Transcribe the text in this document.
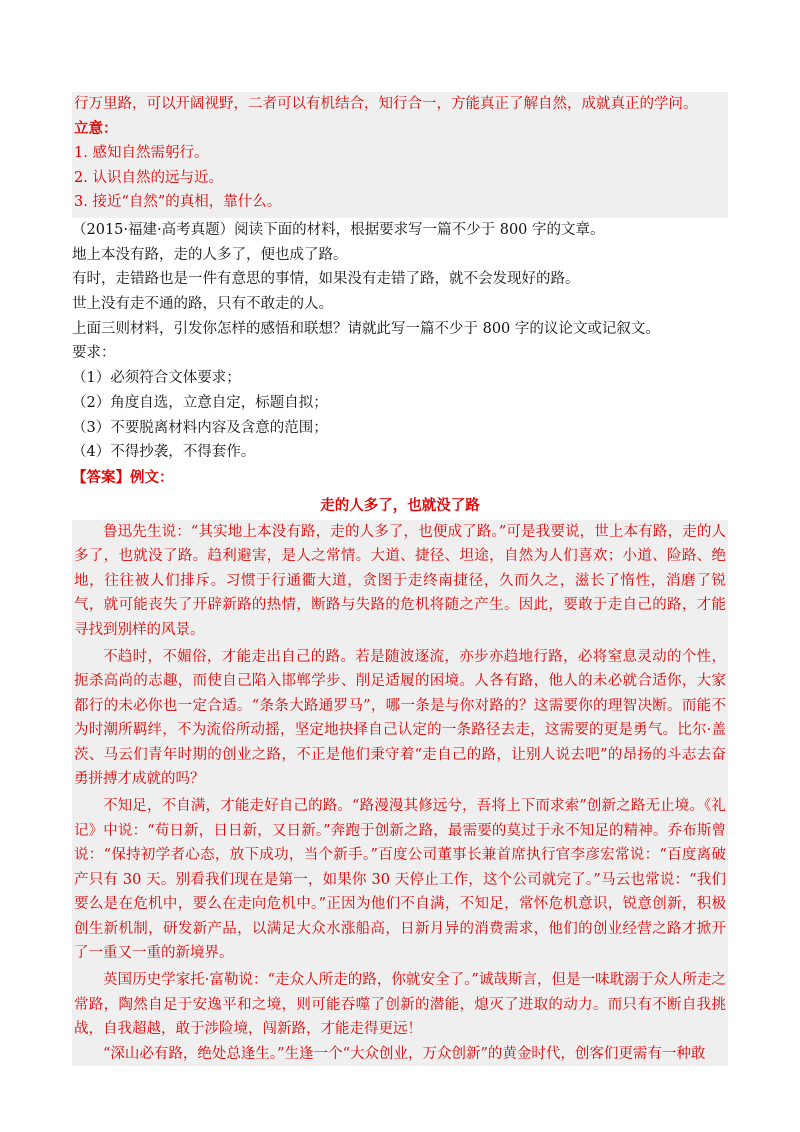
行万里路，可以开阔视野，二者可以有机结合，知行合一，方能真正了解自然，成就真正的学问。
立意：
1. 感知自然需躬行。
2. 认识自然的远与近。
3. 接近“自然”的真相，靠什么。
（2015·福建·高考真题）阅读下面的材料，根据要求写一篇不少于 800 字的文章。
地上本没有路，走的人多了，便也成了路。
有时，走错路也是一件有意思的事情，如果没有走错了路，就不会发现好的路。
世上没有走不通的路，只有不敢走的人。
上面三则材料，引发你怎样的感悟和联想？请就此写一篇不少于 800 字的议论文或记叙文。
要求：
（1）必须符合文体要求；
（2）角度自选，立意自定，标题自拟；
（3）不要脱离材料内容及含意的范围；
（4）不得抄袭，不得套作。
【答案】例文：
走的人多了，也就没了路

鲁迅先生说：“其实地上本没有路，走的人多了，也便成了路。”可是我要说，世上本有路，走的人多了，也就没了路。趋利避害，是人之常情。大道、捷径、坦途，自然为人们喜欢；小道、险路、绝地，往往被人们排斥。习惯于行通衢大道，贪图于走终南捷径，久而久之，滋长了惰性，消磨了锐气，就可能丧失了开辟新路的热情，断路与失路的危机将随之产生。因此，要敢于走自己的路，才能寻找到别样的风景。

不趋时，不媚俗，才能走出自己的路。若是随波逐流，亦步亦趋地行路，必将窒息灵动的个性，扼杀高尚的志趣，而使自己陷入邯郸学步、削足适履的困境。人各有路，他人的未必就合适你，大家都行的未必你也一定合适。“条条大路通罗马”，哪一条是与你对路的？这需要你的理智决断。而能不为时潮所羁绊，不为流俗所动摇，坚定地抉择自己认定的一条路径去走，这需要的更是勇气。比尔·盖茨、马云们青年时期的创业之路，不正是他们秉守着“走自己的路，让别人说去吧”的昂扬的斗志去奋勇拼搏才成就的吗？

不知足，不自满，才能走好自己的路。“路漫漫其修远兮，吾将上下而求索”创新之路无止境。《礼记》中说：“苟日新，日日新，又日新。”奔跑于创新之路，最需要的莫过于永不知足的精神。乔布斯曾说：“保持初学者心态，放下成功，当个新手。”百度公司董事长兼首席执行官李彦宏常说：“百度离破产只有 30 天。别看我们现在是第一，如果你 30 天停止工作，这个公司就完了。”马云也常说：“我们要么是在危机中，要么在走向危机中。”正因为他们不自满，不知足，常怀危机意识，锐意创新，积极创生新机制，研发新产品，以满足大众水涨船高，日新月异的消费需求，他们的创业经营之路才掀开了一重又一重的新境界。

英国历史学家托·富勒说：“走众人所走的路，你就安全了。”诚哉斯言，但是一味耽溺于众人所走之常路，陶然自足于安逸平和之境，则可能吞噬了创新的潜能，熄灭了进取的动力。而只有不断自我挑战，自我超越，敢于涉险境，闯新路，才能走得更远！

“深山必有路，绝处总逢生。”生逢一个“大众创业，万众创新”的黄金时代，创客们更需有一种敢
